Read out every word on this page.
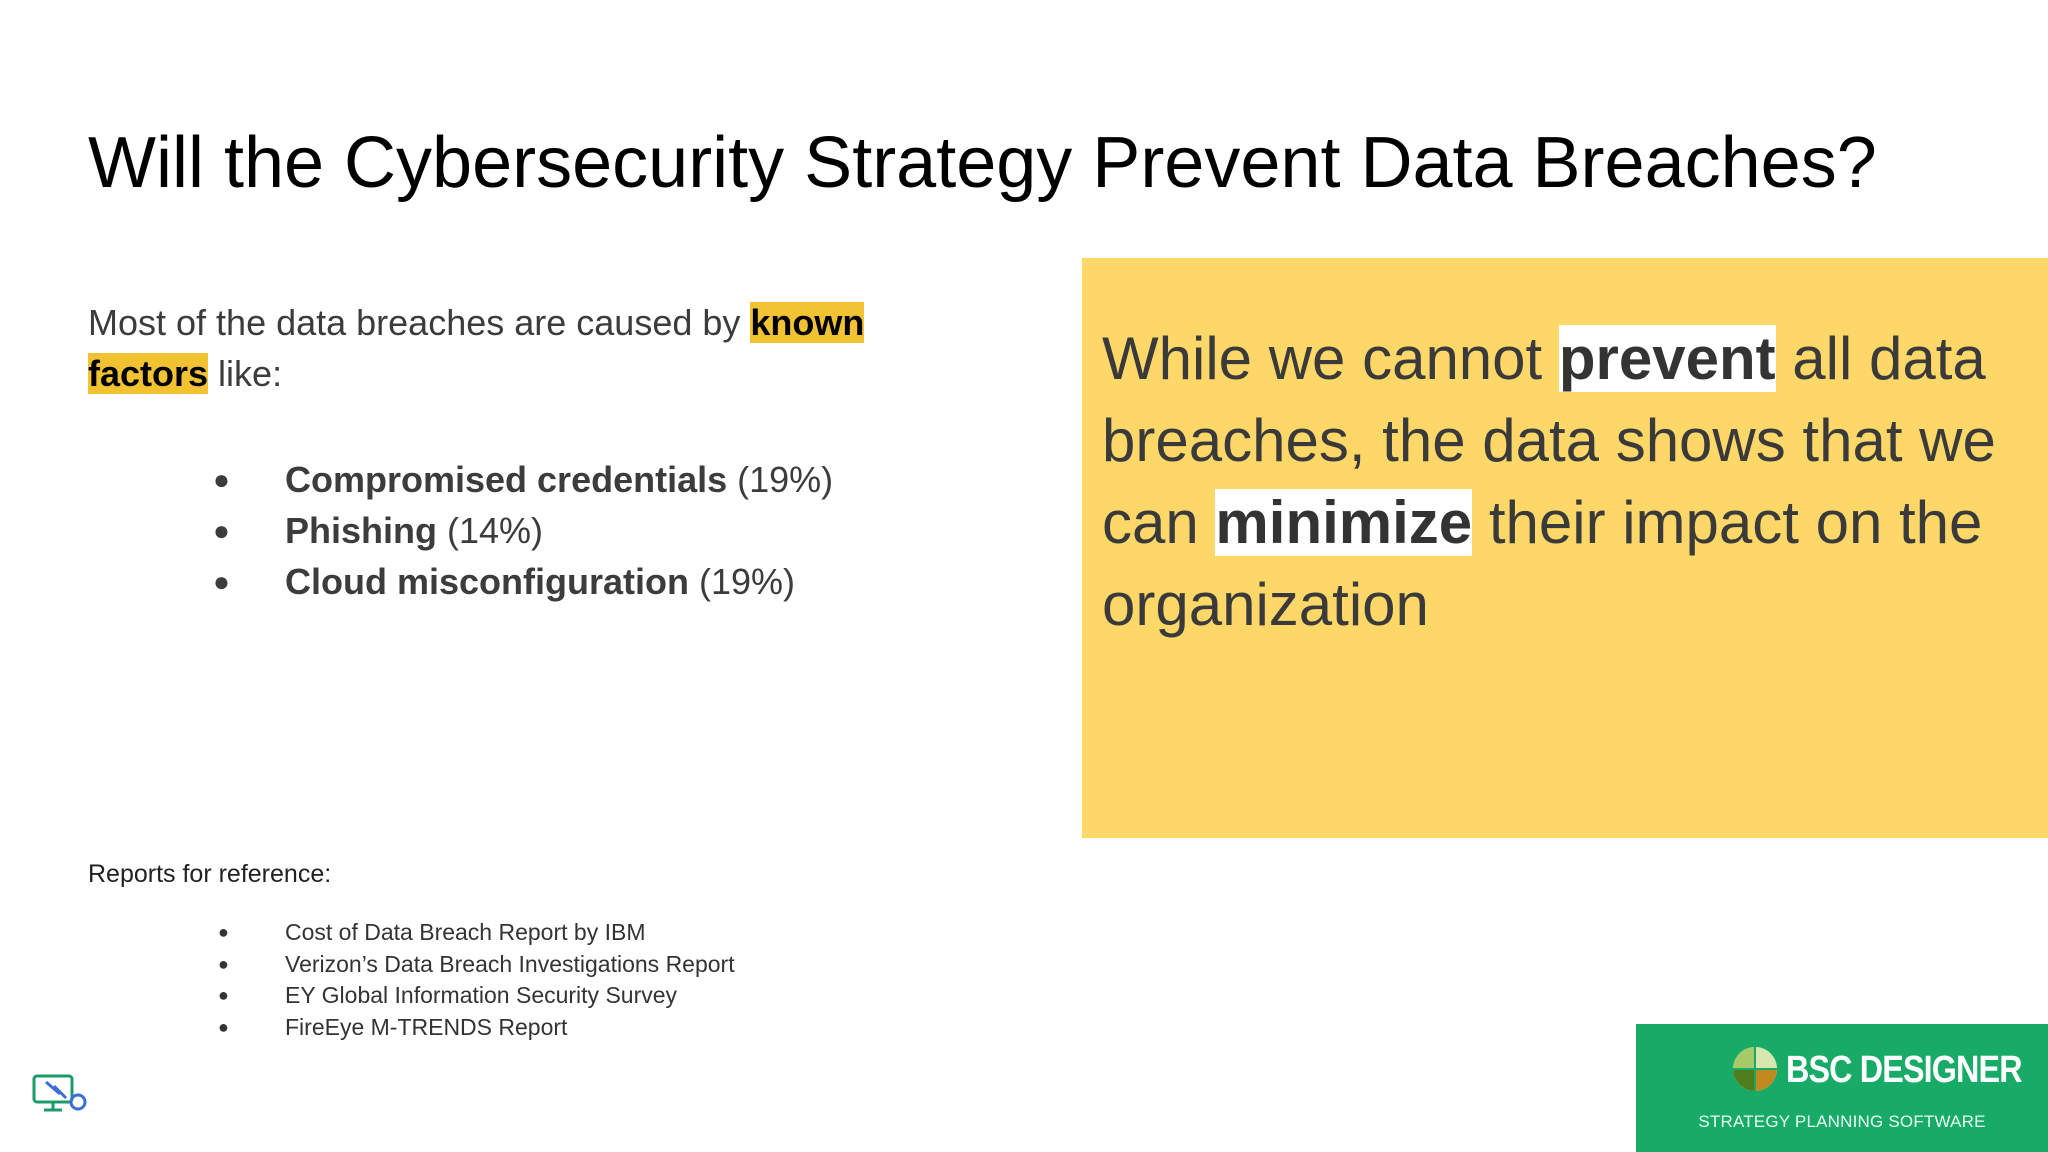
Will the Cybersecurity Strategy Prevent Data Breaches?
Most of the data breaches are caused by known
factors like:
● Compromised credentials (19%)
● Phishing (14%)
● Cloud misconfiguration (19%)
Reports for reference:
● Cost of Data Breach Report by IBM
● Verizon’s Data Breach Investigations Report
● EY Global Information Security Survey
● FireEye M-TRENDS Report
While we cannot prevent all data breaches, the data shows that we can minimize their impact on the organization
BSC DESIGNER
STRATEGY PLANNING SOFTWARE
